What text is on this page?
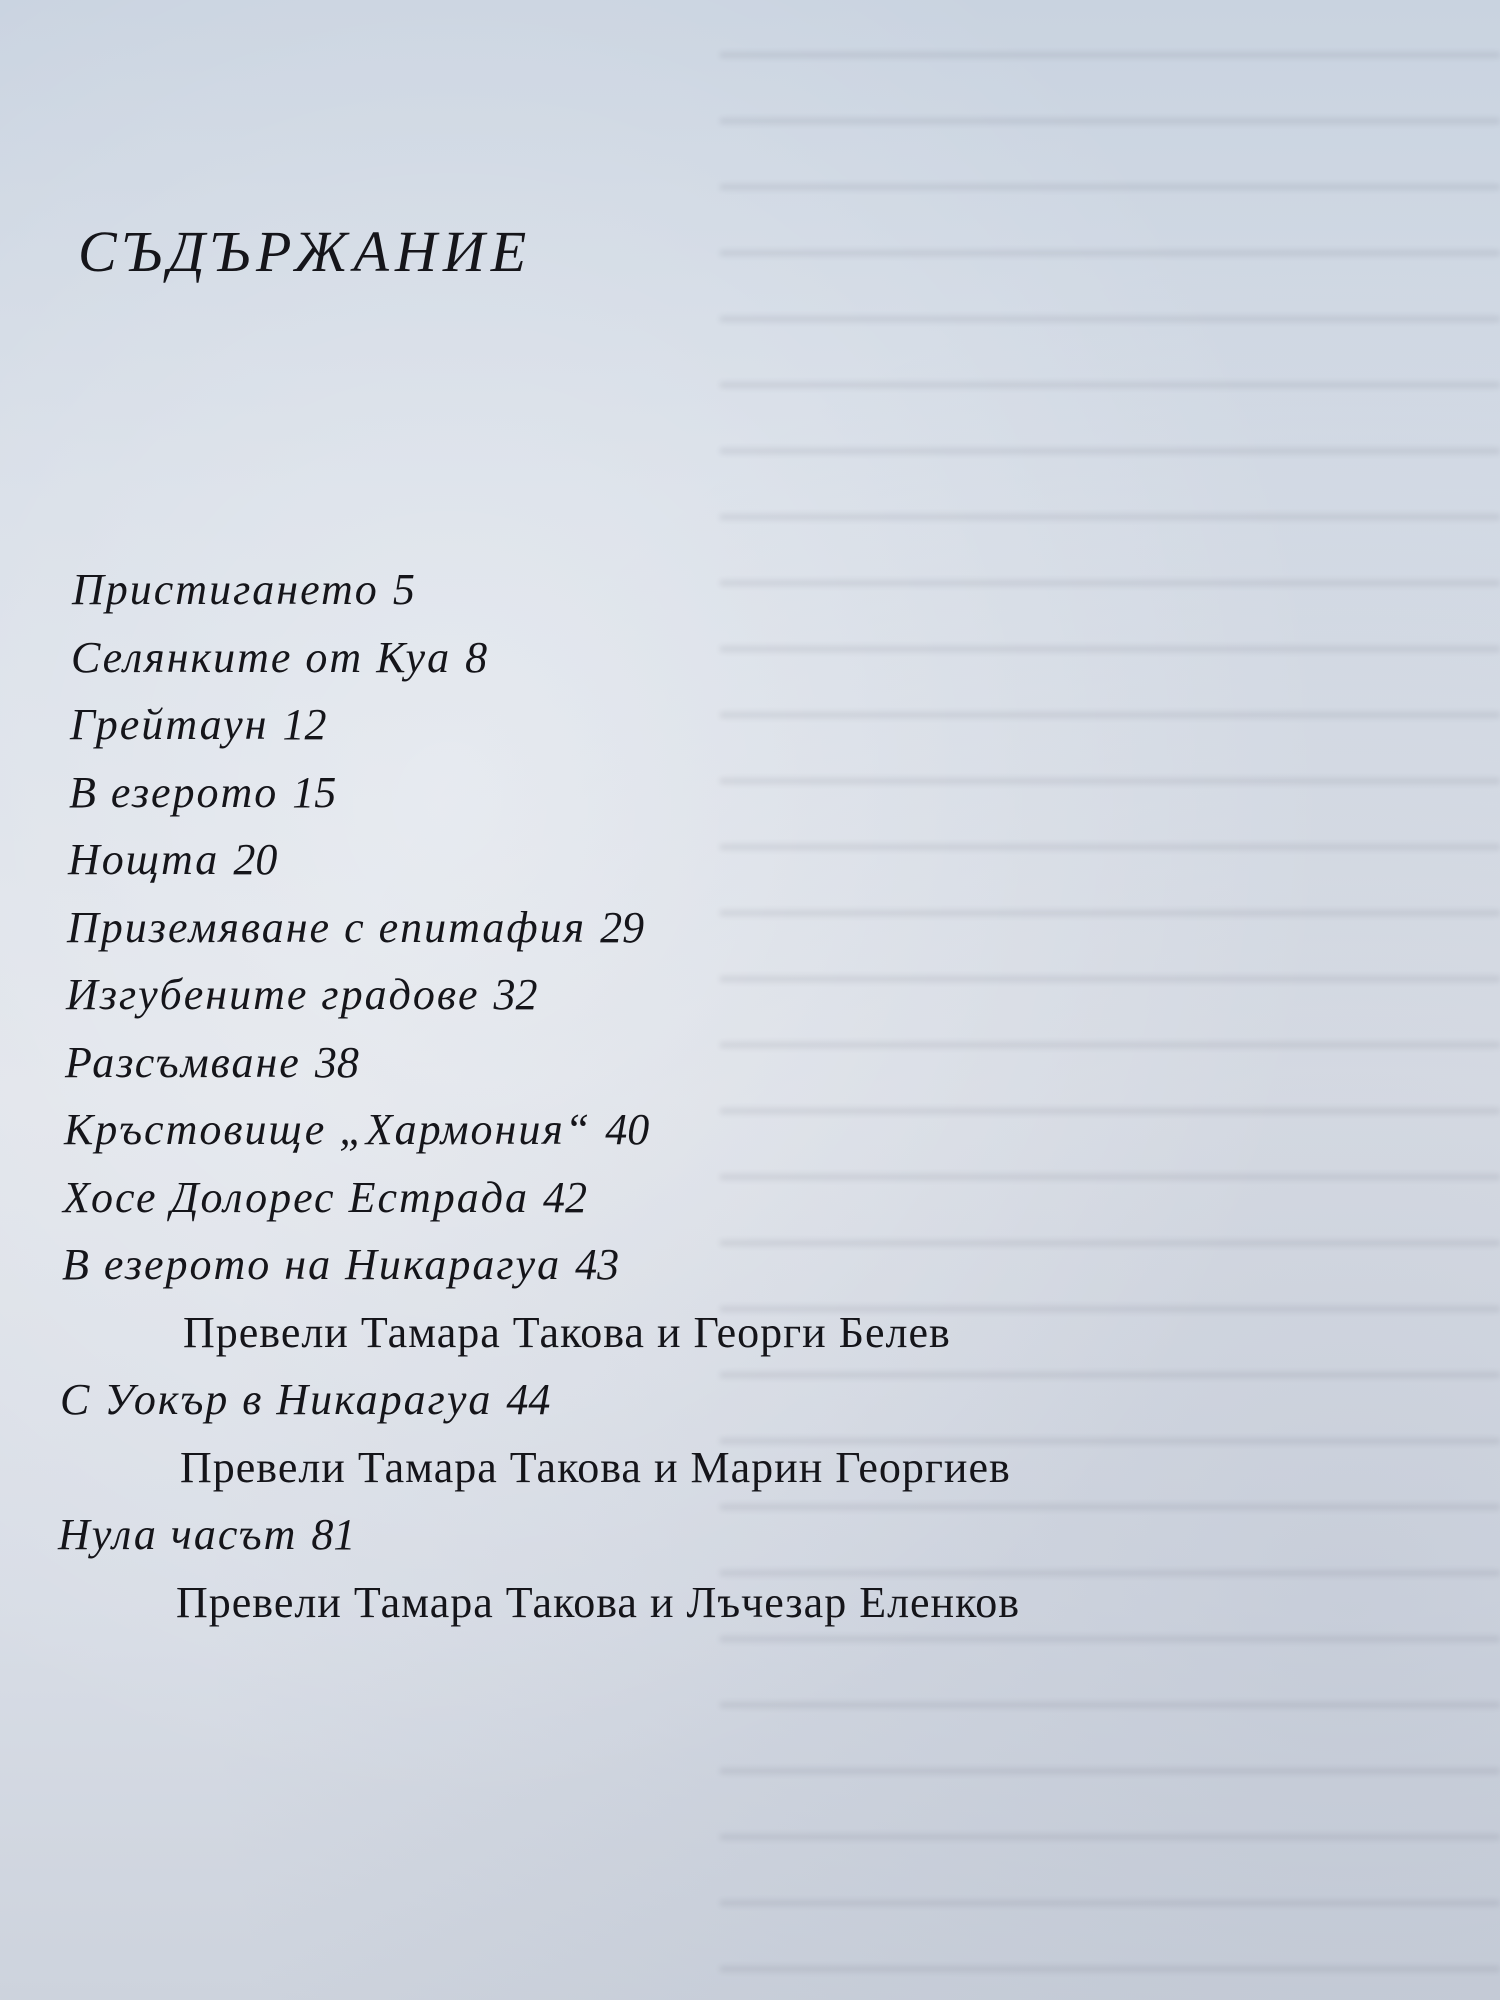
СЪДЪРЖАНИЕ
Пристигането 5
Селянките от Куа 8
Грейтаун 12
В езерото 15
Нощта 20
Приземяване с епитафия 29
Изгубените градове 32
Разсъмване 38
Кръстовище „Хармония“ 40
Хосе Долорес Естрада 42
В езерото на Никарагуа 43
Превели Тамара Такова и Георги Белев
С Уокър в Никарагуа 44
Превели Тамара Такова и Марин Георгиев
Нула часът 81
Превели Тамара Такова и Лъчезар Еленков
